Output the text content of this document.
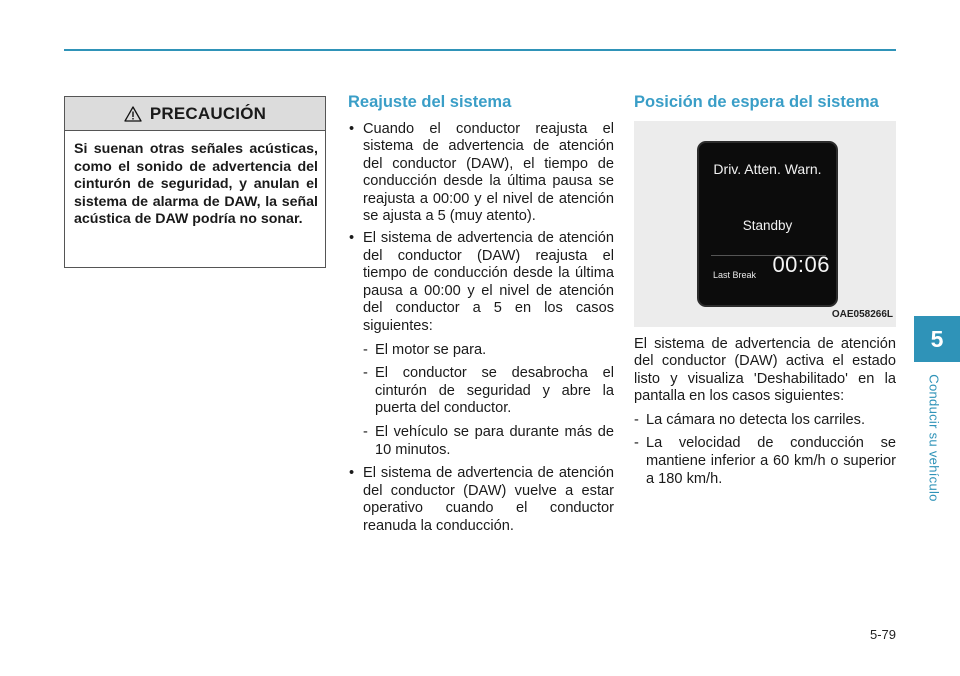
PRECAUCIÓN
Si suenan otras señales acústicas, como el sonido de advertencia del cinturón de seguridad, y anulan el sistema de alarma de DAW, la señal acústica de DAW podría no sonar.
Reajuste del sistema
• Cuando el conductor reajusta el sistema de advertencia de atención del conductor (DAW), el tiempo de conducción desde la última pausa se reajusta a 00:00 y el nivel de atención se ajusta a 5 (muy atento).
• El sistema de advertencia de atención del conductor (DAW) reajusta el tiempo de conducción desde la última pausa a 00:00 y el nivel de atención del conductor a 5 en los casos siguientes:
- El motor se para.
- El conductor se desabrocha el cinturón de seguridad y abre la puerta del conductor.
- El vehículo se para durante más de 10 minutos.
• El sistema de advertencia de atención del conductor (DAW) vuelve a estar operativo cuando el conductor reanuda la conducción.
Posición de espera del sistema
Driv. Atten. Warn.
Standby
Last Break 00:06
OAE058266L

El sistema de advertencia de atención del conductor (DAW) activa el estado listo y visualiza 'Deshabilitado' en la pantalla en los casos siguientes:

- La cámara no detecta los carriles.
- La velocidad de conducción se mantiene inferior a 60 km/h o superior a 180 km/h.
5
Conducir su vehículo
5-79
